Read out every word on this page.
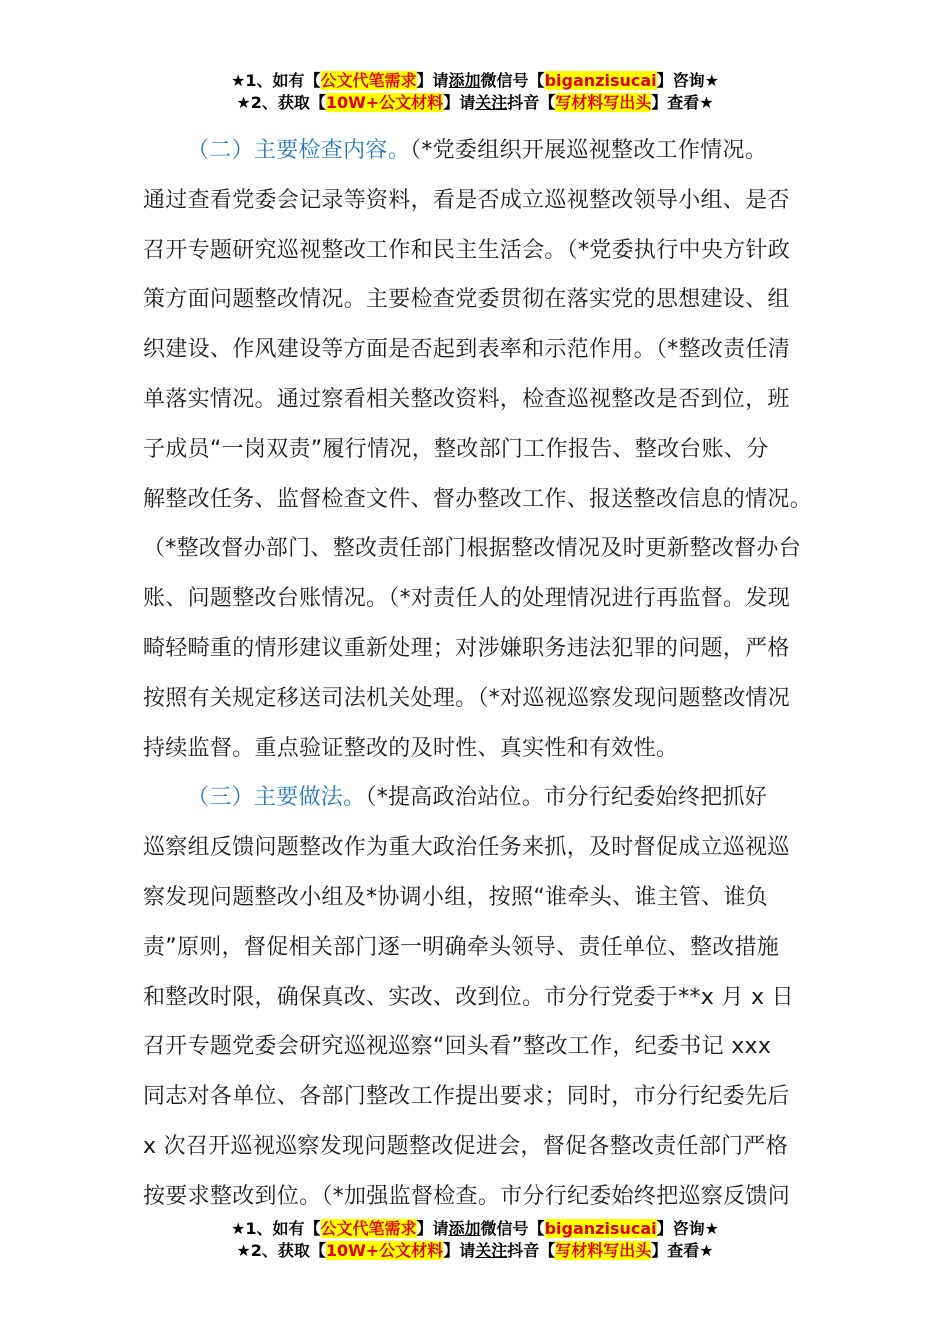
★1、如有【公文代笔需求】请添加微信号【biganzisucai】咨询★
★2、获取【10W+公文材料】请关注抖音【写材料写出头】查看★
（二）主要检查内容。（*党委组织开展巡视整改工作情况。
通过查看党委会记录等资料，看是否成立巡视整改领导小组、是否
召开专题研究巡视整改工作和民主生活会。（*党委执行中央方针政
策方面问题整改情况。主要检查党委贯彻在落实党的思想建设、组
织建设、作风建设等方面是否起到表率和示范作用。（*整改责任清
单落实情况。通过察看相关整改资料，检查巡视整改是否到位，班
子成员“一岗双责”履行情况，整改部门工作报告、整改台账、分
解整改任务、监督检查文件、督办整改工作、报送整改信息的情况。
（*整改督办部门、整改责任部门根据整改情况及时更新整改督办台
账、问题整改台账情况。（*对责任人的处理情况进行再监督。发现
畸轻畸重的情形建议重新处理；对涉嫌职务违法犯罪的问题，严格
按照有关规定移送司法机关处理。（*对巡视巡察发现问题整改情况
持续监督。重点验证整改的及时性、真实性和有效性。
（三）主要做法。（*提高政治站位。市分行纪委始终把抓好
巡察组反馈问题整改作为重大政治任务来抓，及时督促成立巡视巡
察发现问题整改小组及*协调小组，按照“谁牵头、谁主管、谁负
责”原则，督促相关部门逐一明确牵头领导、责任单位、整改措施
和整改时限，确保真改、实改、改到位。市分行党委于**x 月 x 日
召开专题党委会研究巡视巡察“回头看”整改工作，纪委书记 xxx
同志对各单位、各部门整改工作提出要求；同时，市分行纪委先后
x 次召开巡视巡察发现问题整改促进会，督促各整改责任部门严格
按要求整改到位。（*加强监督检查。市分行纪委始终把巡察反馈问
★1、如有【公文代笔需求】请添加微信号【biganzisucai】咨询★
★2、获取【10W+公文材料】请关注抖音【写材料写出头】查看★
